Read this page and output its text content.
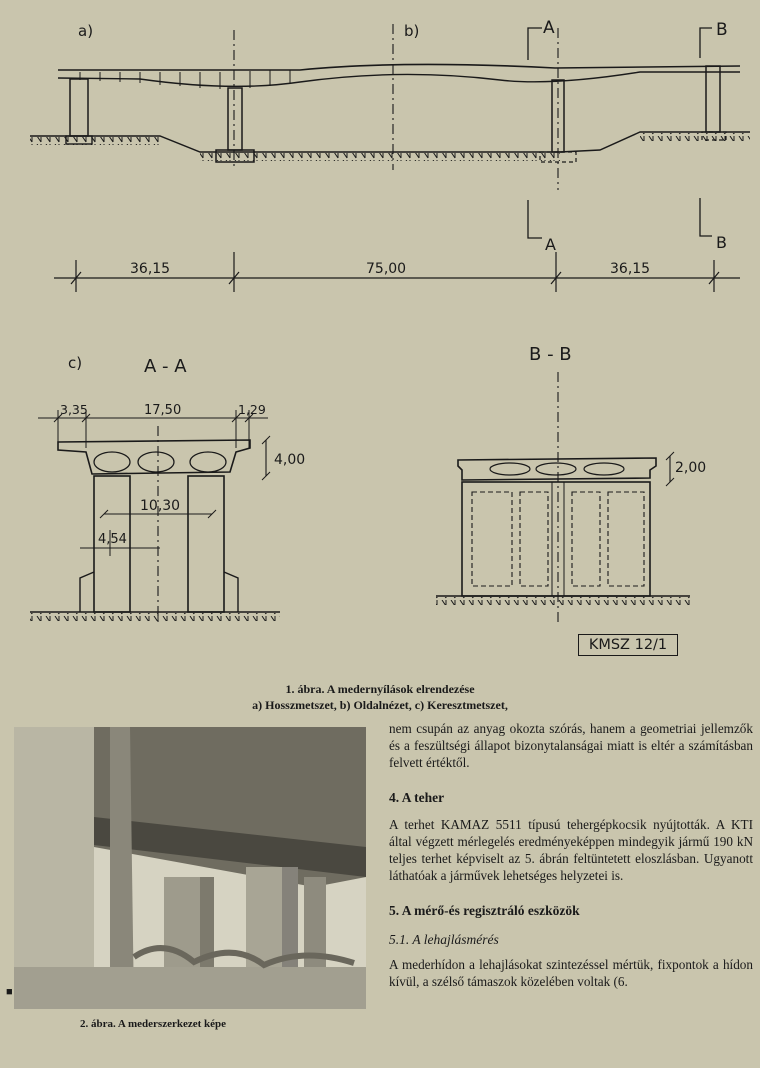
a)	b)	A	B
A	B
36,15	75,00	36,15
c)	A - A
3,35	17,50	1,29
4,00
10,30
4,54
B - B
2,00
KMSZ 12/1
1. ábra. A medernyílások elrendezése
a) Hosszmetszet, b) Oldalnézet, c) Keresztmetszet,
■
2. ábra. A mederszerkezet képe

nem csupán az anyag okozta szórás, hanem a geometriai jellemzők és a feszültségi állapot bizonytalanságai miatt is eltér a számításban felvett értéktől.

4. A teher

A terhet KAMAZ 5511 típusú tehergépkocsik nyújtották. A KTI által végzett mérlegelés eredményeképpen mindegyik jármű 190 kN teljes terhet képviselt az 5. ábrán feltüntetett eloszlásban. Ugyanott láthatóak a járművek lehetséges helyzetei is.

5. A mérő-és regisztráló eszközök
5.1. A lehajlásmérés

A mederhídon a lehajlásokat szintezéssel mértük, fixpontok a hídon kívül, a szélső támaszok közelében voltak (6.
